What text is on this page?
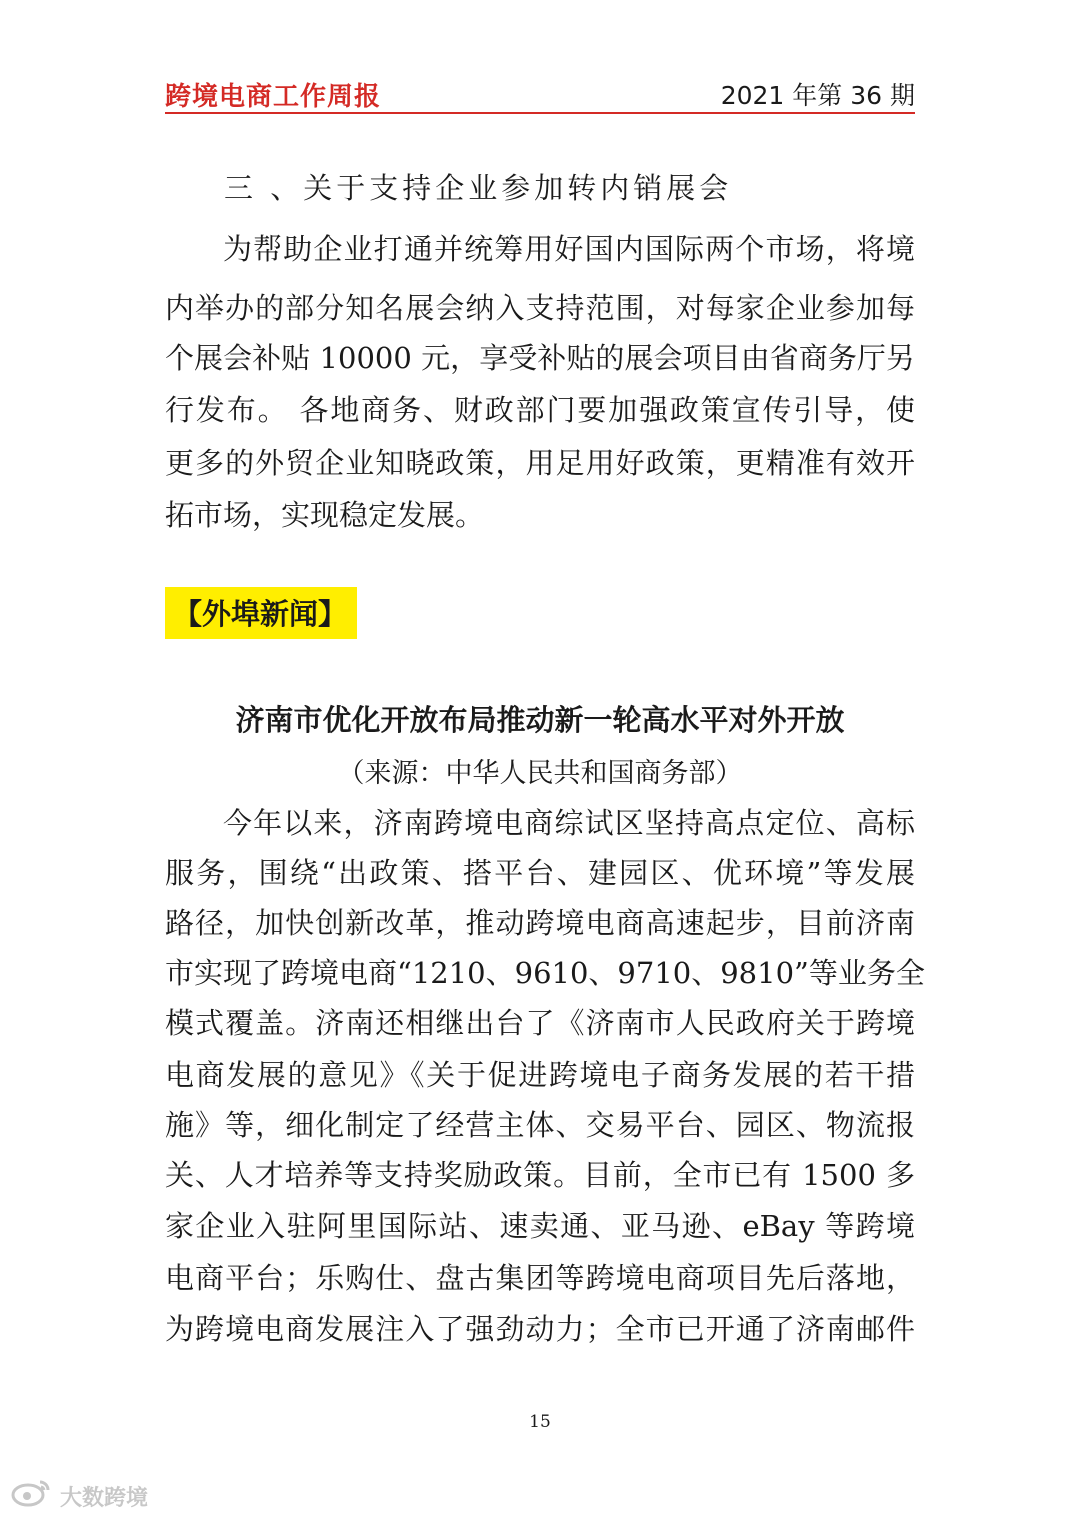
跨境电商工作周报	2021 年第 36 期
三 、关于支持企业参加转内销展会
为帮助企业打通并统筹用好国内国际两个市场，将境
内举办的部分知名展会纳入支持范围，对每家企业参加每
个展会补贴 10000 元，享受补贴的展会项目由省商务厅另
行发布。 各地商务、财政部门要加强政策宣传引导，使
更多的外贸企业知晓政策，用足用好政策，更精准有效开
拓市场，实现稳定发展。
【外埠新闻】
济南市优化开放布局推动新一轮高水平对外开放
（来源：中华人民共和国商务部）
今年以来，济南跨境电商综试区坚持高点定位、高标
服务，围绕“出政策、搭平台、建园区、优环境”等发展
路径，加快创新改革，推动跨境电商高速起步，目前济南
市实现了跨境电商“1210、9610、9710、9810”等业务全
模式覆盖。济南还相继出台了《济南市人民政府关于跨境
电商发展的意见》《关于促进跨境电子商务发展的若干措
施》等，细化制定了经营主体、交易平台、园区、物流报
关、人才培养等支持奖励政策。目前，全市已有 1500 多
家企业入驻阿里国际站、速卖通、亚马逊、eBay 等跨境
电商平台；乐购仕、盘古集团等跨境电商项目先后落地，
为跨境电商发展注入了强劲动力；全市已开通了济南邮件
15
大数跨境
